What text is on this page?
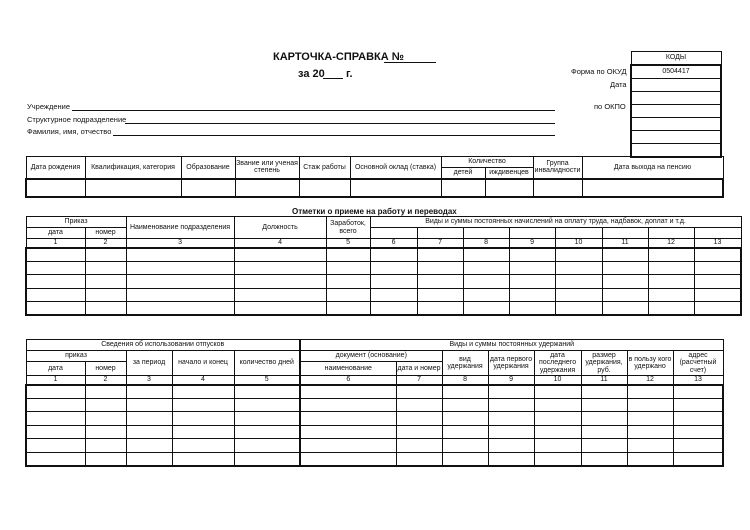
КАРТОЧКА-СПРАВКА №
за 20 г.	Форма по ОКУД
Дата
по ОКПО
КОДЫ
0504417

Учреждение
Структурное подразделение
Фамилия, имя, отчество
Дата рождения	Квалификация, категория	Образование	Звание или ученая степень	Стаж работы	Основной оклад (ставка)	Количество		Группа инвалидности	Дата выхода на пенсию
						детей	иждивенцев		

Отметки о приеме на работу и переводах
Приказ		Наименование подразделения	Должность	Заработок, всего	Виды и суммы постоянных начислений на оплату труда, надбавок, доплат и т.д.							
дата	номер											
1	2	3	4	5	6	7	8	9	10	11	12	13

Сведения об использовании отпусков					Виды и суммы постоянных удержаний							
приказ		за период	начало и конец	количество дней	документ (основание)		вид удержания	дата первого удержания	дата последнего удержания	размер удержания, руб.	в пользу кого удержано	адрес (расчетный счет)
дата	номер				наименование	дата и номер						
1	2	3	4	5	6	7	8	9	10	11	12	13
